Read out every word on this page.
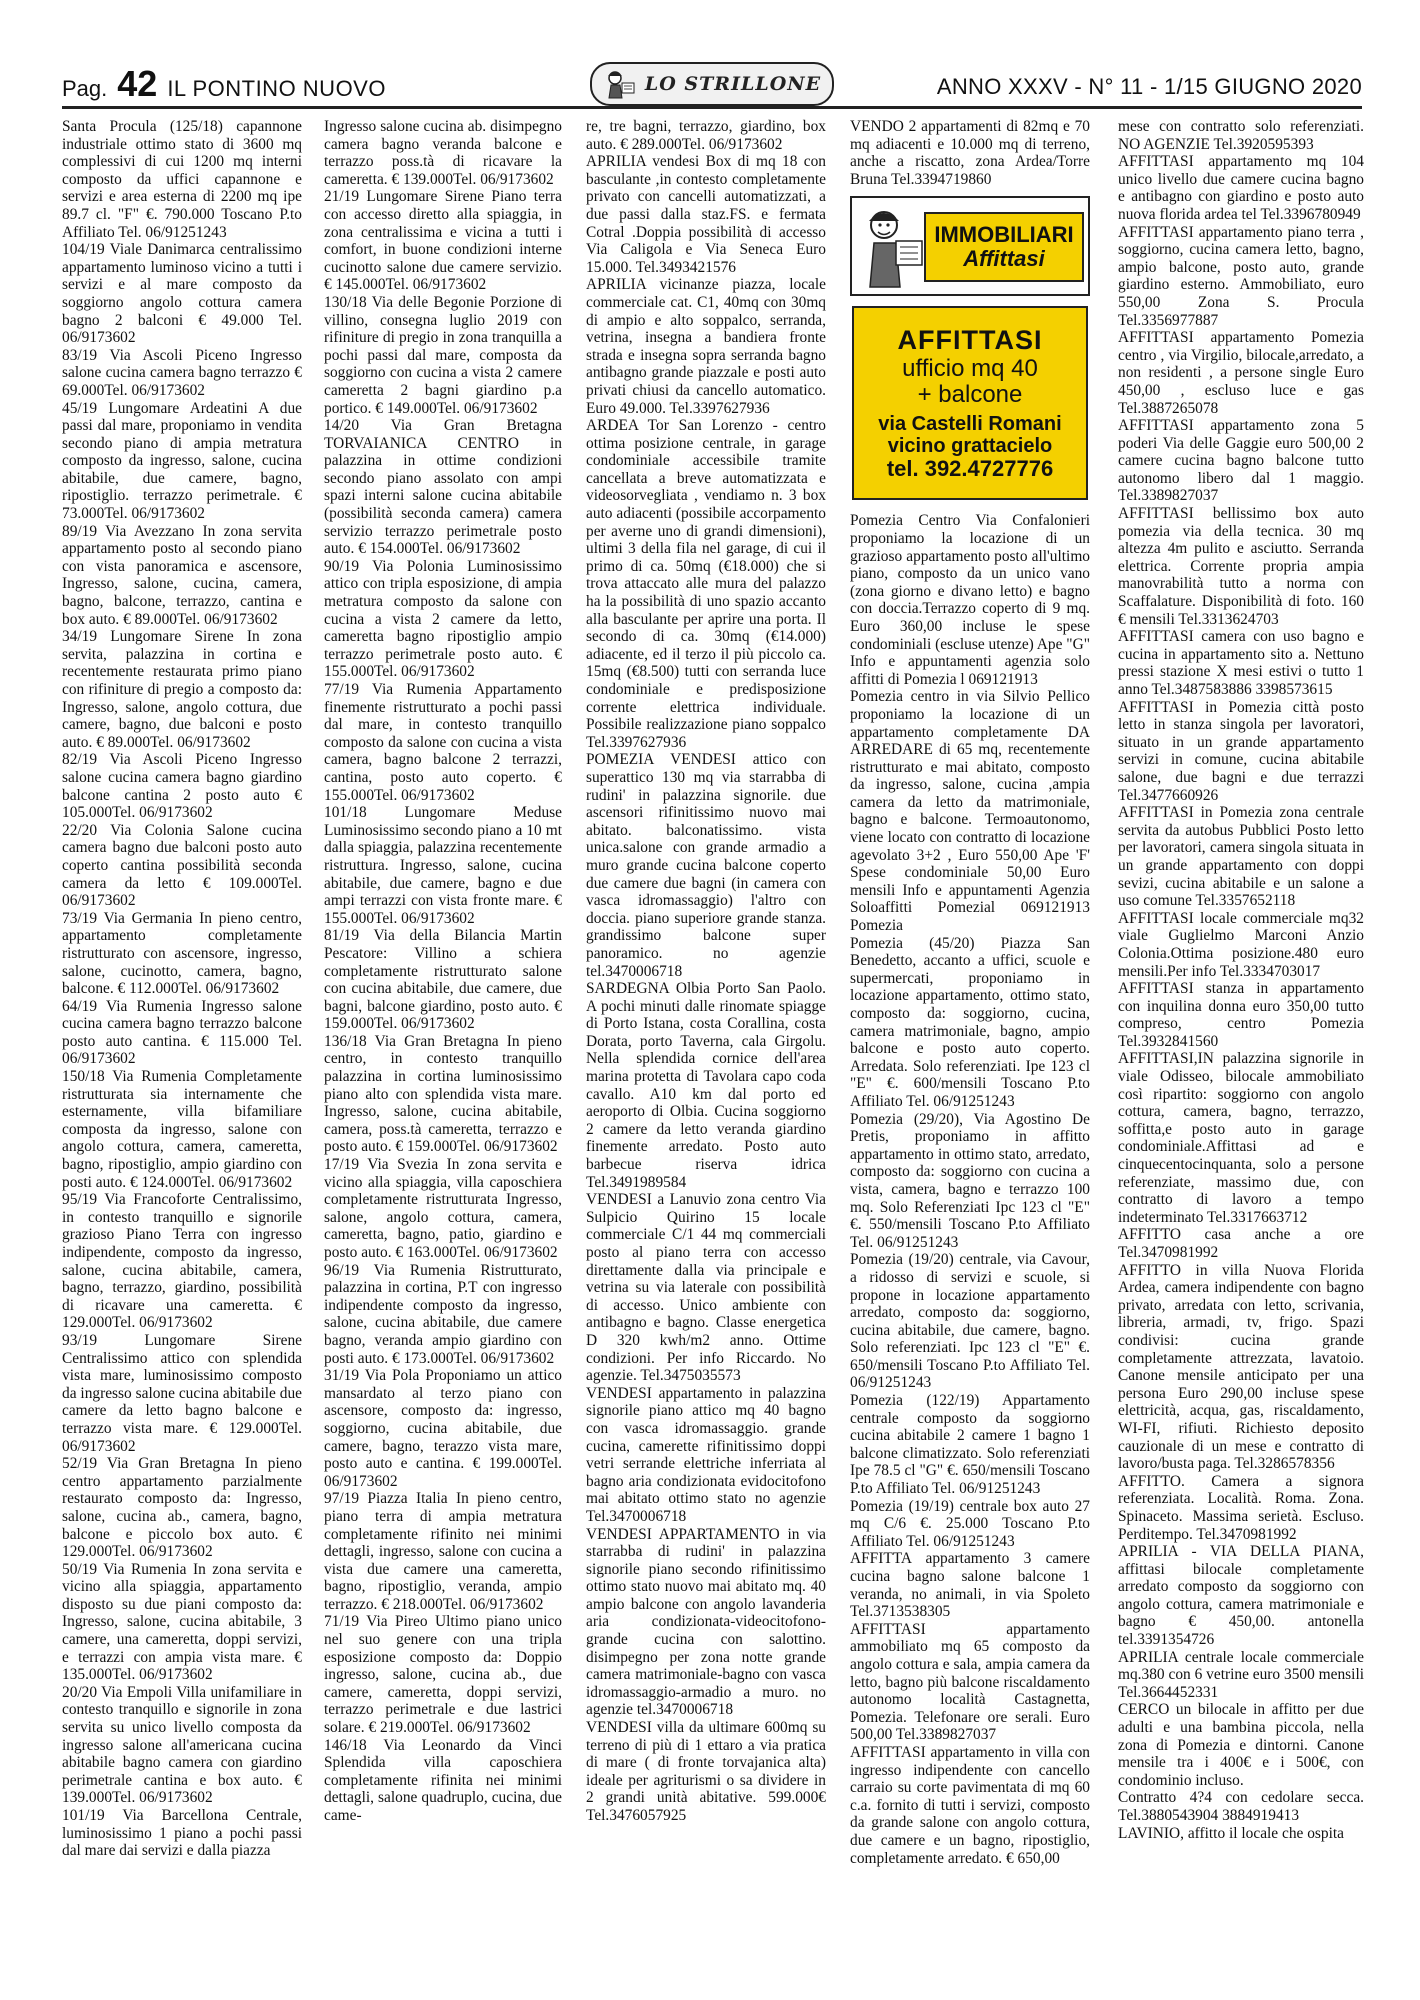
Pag. 42 IL PONTINO NUOVO	ANNO XXXV - N° 11 - 1/15 GIUGNO 2020
LO STRILLONE

Santa Procula (125/18) capannone industriale ottimo stato di 3600 mq complessivi di cui 1200 mq interni composto da uffici capannone e servizi e area esterna di 2200 mq ipe 89.7 cl. "F" €. 790.000 Toscano P.to Affiliato Tel. 06/91251243

104/19 Viale Danimarca centralissimo appartamento luminoso vicino a tutti i servizi e al mare composto da soggiorno angolo cottura camera bagno 2 balconi € 49.000 Tel. 06/9173602

83/19 Via Ascoli Piceno Ingresso salone cucina camera bagno terrazzo € 69.000Tel. 06/9173602

45/19 Lungomare Ardeatini A due passi dal mare, proponiamo in vendita secondo piano di ampia metratura composto da ingresso, salone, cucina abitabile, due camere, bagno, ripostiglio. terrazzo perimetrale. € 73.000Tel. 06/9173602

89/19 Via Avezzano In zona servita appartamento posto al secondo piano con vista panoramica e ascensore, Ingresso, salone, cucina, camera, bagno, balcone, terrazzo, cantina e box auto. € 89.000Tel. 06/9173602

34/19 Lungomare Sirene In zona servita, palazzina in cortina e recentemente restaurata primo piano con rifiniture di pregio a composto da: Ingresso, salone, angolo cottura, due camere, bagno, due balconi e posto auto. € 89.000Tel. 06/9173602

82/19 Via Ascoli Piceno Ingresso salone cucina camera bagno giardino balcone cantina 2 posto auto € 105.000Tel. 06/9173602

22/20 Via Colonia Salone cucina camera bagno due balconi posto auto coperto cantina possibilità seconda camera da letto € 109.000Tel. 06/9173602

73/19 Via Germania In pieno centro, appartamento completamente ristrutturato con ascensore, ingresso, salone, cucinotto, camera, bagno, balcone. € 112.000Tel. 06/9173602

64/19 Via Rumenia Ingresso salone cucina camera bagno terrazzo balcone posto auto cantina. € 115.000 Tel. 06/9173602

150/18 Via Rumenia Completamente ristrutturata sia internamente che esternamente, villa bifamiliare composta da ingresso, salone con angolo cottura, camera, cameretta, bagno, ripostiglio, ampio giardino con posti auto. € 124.000Tel. 06/9173602

95/19 Via Francoforte Centralissimo, in contesto tranquillo e signorile grazioso Piano Terra con ingresso indipendente, composto da ingresso, salone, cucina abitabile, camera, bagno, terrazzo, giardino, possibilità di ricavare una cameretta. € 129.000Tel. 06/9173602

93/19 Lungomare Sirene Centralissimo attico con splendida vista mare, luminosissimo composto da ingresso salone cucina abitabile due camere da letto bagno balcone e terrazzo vista mare. € 129.000Tel. 06/9173602

52/19 Via Gran Bretagna In pieno centro appartamento parzialmente restaurato composto da: Ingresso, salone, cucina ab., camera, bagno, balcone e piccolo box auto. € 129.000Tel. 06/9173602

50/19 Via Rumenia In zona servita e vicino alla spiaggia, appartamento disposto su due piani composto da: Ingresso, salone, cucina abitabile, 3 camere, una cameretta, doppi servizi, e terrazzi con ampia vista mare. € 135.000Tel. 06/9173602

20/20 Via Empoli Villa unifamiliare in contesto tranquillo e signorile in zona servita su unico livello composta da ingresso salone all'americana cucina abitabile bagno camera con giardino perimetrale cantina e box auto. € 139.000Tel. 06/9173602

101/19 Via Barcellona Centrale, luminosissimo 1 piano a pochi passi dal mare dai servizi e dalla piazza

Ingresso salone cucina ab. disimpegno camera bagno veranda balcone e terrazzo poss.tà di ricavare la cameretta. € 139.000Tel. 06/9173602

21/19 Lungomare Sirene Piano terra con accesso diretto alla spiaggia, in zona centralissima e vicina a tutti i comfort, in buone condizioni interne cucinotto salone due camere servizio. € 145.000Tel. 06/9173602

130/18 Via delle Begonie Porzione di villino, consegna luglio 2019 con rifiniture di pregio in zona tranquilla a pochi passi dal mare, composta da soggiorno con cucina a vista 2 camere cameretta 2 bagni giardino p.a portico. € 149.000Tel. 06/9173602

14/20 Via Gran Bretagna TORVAIANICA CENTRO in palazzina in ottime condizioni secondo piano assolato con ampi spazi interni salone cucina abitabile (possibilità seconda camera) camera servizio terrazzo perimetrale posto auto. € 154.000Tel. 06/9173602

90/19 Via Polonia Luminosissimo attico con tripla esposizione, di ampia metratura composto da salone con cucina a vista 2 camere da letto, cameretta bagno ripostiglio ampio terrazzo perimetrale posto auto. € 155.000Tel. 06/9173602

77/19 Via Rumenia Appartamento finemente ristrutturato a pochi passi dal mare, in contesto tranquillo composto da salone con cucina a vista camera, bagno balcone 2 terrazzi, cantina, posto auto coperto. € 155.000Tel. 06/9173602

101/18 Lungomare Meduse Luminosissimo secondo piano a 10 mt dalla spiaggia, palazzina recentemente ristruttura. Ingresso, salone, cucina abitabile, due camere, bagno e due ampi terrazzi con vista fronte mare. € 155.000Tel. 06/9173602

81/19 Via della Bilancia Martin Pescatore: Villino a schiera completamente ristrutturato salone con cucina abitabile, due camere, due bagni, balcone giardino, posto auto. € 159.000Tel. 06/9173602

136/18 Via Gran Bretagna In pieno centro, in contesto tranquillo palazzina in cortina luminosissimo piano alto con splendida vista mare. Ingresso, salone, cucina abitabile, camera, poss.tà cameretta, terrazzo e posto auto. € 159.000Tel. 06/9173602

17/19 Via Svezia In zona servita e vicino alla spiaggia, villa caposchiera completamente ristrutturata Ingresso, salone, angolo cottura, camera, cameretta, bagno, patio, giardino e posto auto. € 163.000Tel. 06/9173602

96/19 Via Rumenia Ristrutturato, palazzina in cortina, P.T con ingresso indipendente composto da ingresso, salone, cucina abitabile, due camere bagno, veranda ampio giardino con posti auto. € 173.000Tel. 06/9173602

31/19 Via Pola Proponiamo un attico mansardato al terzo piano con ascensore, composto da: ingresso, soggiorno, cucina abitabile, due camere, bagno, terazzo vista mare, posto auto e cantina. € 199.000Tel. 06/9173602

97/19 Piazza Italia In pieno centro, piano terra di ampia metratura completamente rifinito nei minimi dettagli, ingresso, salone con cucina a vista due camere una cameretta, bagno, ripostiglio, veranda, ampio terrazzo. € 218.000Tel. 06/9173602

71/19 Via Pireo Ultimo piano unico nel suo genere con una tripla esposizione composto da: Doppio ingresso, salone, cucina ab., due camere, cameretta, doppi servizi, terrazzo perimetrale e due lastrici solare. € 219.000Tel. 06/9173602

146/18 Via Leonardo da Vinci Splendida villa caposchiera completamente rifinita nei minimi dettagli, salone quadruplo, cucina, due came-

re, tre bagni, terrazzo, giardino, box auto. € 289.000Tel. 06/9173602

APRILIA vendesi Box di mq 18 con basculante ,in contesto completamente privato con cancelli automatizzati, a due passi dalla staz.FS. e fermata Cotral .Doppia possibilità di accesso Via Caligola e Via Seneca Euro 15.000. Tel.3493421576

APRILIA vicinanze piazza, locale commerciale cat. C1, 40mq con 30mq di ampio e alto soppalco, serranda, vetrina, insegna a bandiera fronte strada e insegna sopra serranda bagno antibagno grande piazzale e posti auto privati chiusi da cancello automatico. Euro 49.000. Tel.3397627936

ARDEA Tor San Lorenzo - centro ottima posizione centrale, in garage condominiale accessibile tramite cancellata a breve automatizzata e videosorvegliata , vendiamo n. 3 box auto adiacenti (possibile accorpamento per averne uno di grandi dimensioni), ultimi 3 della fila nel garage, di cui il primo di ca. 50mq (€18.000) che si trova attaccato alle mura del palazzo ha la possibilità di uno spazio accanto alla basculante per aprire una porta. Il secondo di ca. 30mq (€14.000) adiacente, ed il terzo il più piccolo ca. 15mq (€8.500) tutti con serranda luce condominiale e predisposizione corrente elettrica individuale. Possibile realizzazione piano soppalco Tel.3397627936

POMEZIA VENDESI attico con superattico 130 mq via starrabba di rudini' in palazzina signorile. due ascensori rifinitissimo nuovo mai abitato. balconatissimo. vista unica.salone con grande armadio a muro grande cucina balcone coperto due camere due bagni (in camera con vasca idromassaggio) l'altro con doccia. piano superiore grande stanza. grandissimo balcone super panoramico. no agenzie tel.3470006718

SARDEGNA Olbia Porto San Paolo. A pochi minuti dalle rinomate spiagge di Porto Istana, costa Corallina, costa Dorata, porto Taverna, cala Girgolu. Nella splendida cornice dell'area marina protetta di Tavolara capo coda cavallo. A10 km dal porto ed aeroporto di Olbia. Cucina soggiorno 2 camere da letto veranda giardino finemente arredato. Posto auto barbecue riserva idrica Tel.3491989584

VENDESI a Lanuvio zona centro Via Sulpicio Quirino 15 locale commerciale C/1 44 mq commerciali posto al piano terra con accesso direttamente dalla via principale e vetrina su via laterale con possibilità di accesso. Unico ambiente con antibagno e bagno. Classe energetica D 320 kwh/m2 anno. Ottime condizioni. Per info Riccardo. No agenzie. Tel.3475035573

VENDESI appartamento in palazzina signorile piano attico mq 40 bagno con vasca idromassaggio. grande cucina, camerette rifinitissimo doppi vetri serrande elettriche inferriata al bagno aria condizionata evidocitofono mai abitato ottimo stato no agenzie Tel.3470006718

VENDESI APPARTAMENTO in via starrabba di rudini' in palazzina signorile piano secondo rifinitissimo ottimo stato nuovo mai abitato mq. 40 ampio balcone con angolo lavanderia aria condizionata-videocitofono- grande cucina con salottino. disimpegno per zona notte grande camera matrimoniale-bagno con vasca idromassaggio-armadio a muro. no agenzie tel.3470006718

VENDESI villa da ultimare 600mq su terreno di più di 1 ettaro a via pratica di mare ( di fronte torvajanica alta) ideale per agriturismi o sa dividere in 2 grandi unità abitative. 599.000€ Tel.3476057925

VENDO 2 appartamenti di 82mq e 70 mq adiacenti e 10.000 mq di terreno, anche a riscatto, zona Ardea/Torre Bruna Tel.3394719860

IMMOBILIARI
Affittasi
AFFITTASI
ufficio mq 40
+ balcone
via Castelli Romani
vicino grattacielo
tel. 392.4727776

Pomezia Centro Via Confalonieri proponiamo la locazione di un grazioso appartamento posto all'ultimo piano, composto da un unico vano (zona giorno e divano letto) e bagno con doccia.Terrazzo coperto di 9 mq. Euro 360,00 incluse le spese condominiali (escluse utenze) Ape "G" Info e appuntamenti agenzia solo affitti di Pomezia l 069121913

Pomezia centro in via Silvio Pellico proponiamo la locazione di un appartamento completamente DA ARREDARE di 65 mq, recentemente ristrutturato e mai abitato, composto da ingresso, salone, cucina ,ampia camera da letto da matrimoniale, bagno e balcone. Termoautonomo, viene locato con contratto di locazione agevolato 3+2 , Euro 550,00 Ape 'F' Spese condominiale 50,00 Euro mensili Info e appuntamenti Agenzia Soloaffitti Pomezial 069121913 Pomezia

Pomezia (45/20) Piazza San Benedetto, accanto a uffici, scuole e supermercati, proponiamo in locazione appartamento, ottimo stato, composto da: soggiorno, cucina, camera matrimoniale, bagno, ampio balcone e posto auto coperto. Arredata. Solo referenziati. Ipe 123 cl "E" €. 600/mensili Toscano P.to Affiliato Tel. 06/91251243

Pomezia (29/20), Via Agostino De Pretis, proponiamo in affitto appartamento in ottimo stato, arredato, composto da: soggiorno con cucina a vista, camera, bagno e terrazzo 100 mq. Solo Referenziati Ipc 123 cl "E" €. 550/mensili Toscano P.to Affiliato Tel. 06/91251243

Pomezia (19/20) centrale, via Cavour, a ridosso di servizi e scuole, si propone in locazione appartamento arredato, composto da: soggiorno, cucina abitabile, due camere, bagno. Solo referenziati. Ipc 123 cl "E" €. 650/mensili Toscano P.to Affiliato Tel. 06/91251243

Pomezia (122/19) Appartamento centrale composto da soggiorno cucina abitabile 2 camere 1 bagno 1 balcone climatizzato. Solo referenziati Ipe 78.5 cl "G" €. 650/mensili Toscano P.to Affiliato Tel. 06/91251243

Pomezia (19/19) centrale box auto 27 mq C/6 €. 25.000 Toscano P.to Affiliato Tel. 06/91251243

AFFITTA appartamento 3 camere cucina bagno salone balcone 1 veranda, no animali, in via Spoleto Tel.3713538305

AFFITTASI appartamento ammobiliato mq 65 composto da angolo cottura e sala, ampia camera da letto, bagno più balcone riscaldamento autonomo località Castagnetta, Pomezia. Telefonare ore serali. Euro 500,00 Tel.3389827037

AFFITTASI appartamento in villa con ingresso indipendente con cancello carraio su corte pavimentata di mq 60 c.a. fornito di tutti i servizi, composto da grande salone con angolo cottura, due camere e un bagno, ripostiglio, completamente arredato. € 650,00

mese con contratto solo referenziati. NO AGENZIE Tel.3920595393

AFFITTASI appartamento mq 104 unico livello due camere cucina bagno e antibagno con giardino e posto auto nuova florida ardea tel Tel.3396780949

AFFITTASI appartamento piano terra , soggiorno, cucina camera letto, bagno, ampio balcone, posto auto, grande giardino esterno. Ammobiliato, euro 550,00 Zona S. Procula Tel.3356977887

AFFITTASI appartamento Pomezia centro , via Virgilio, bilocale,arredato, a non residenti , a persone single Euro 450,00 , escluso luce e gas Tel.3887265078

AFFITTASI appartamento zona 5 poderi Via delle Gaggie euro 500,00 2 camere cucina bagno balcone tutto autonomo libero dal 1 maggio. Tel.3389827037

AFFITTASI bellissimo box auto pomezia via della tecnica. 30 mq altezza 4m pulito e asciutto. Serranda elettrica. Corrente propria ampia manovrabilità tutto a norma con Scaffalature. Disponibilità di foto. 160 € mensili Tel.3313624703

AFFITTASI camera con uso bagno e cucina in appartamento sito a. Nettuno pressi stazione X mesi estivi o tutto 1 anno Tel.3487583886 3398573615

AFFITTASI in Pomezia città posto letto in stanza singola per lavoratori, situato in un grande appartamento servizi in comune, cucina abitabile salone, due bagni e due terrazzi Tel.3477660926

AFFITTASI in Pomezia zona centrale servita da autobus Pubblici Posto letto per lavoratori, camera singola situata in un grande appartamento con doppi sevizi, cucina abitabile e un salone a uso comune Tel.3357652118

AFFITTASI locale commerciale mq32 viale Guglielmo Marconi Anzio Colonia.Ottima posizione.480 euro mensili.Per info Tel.3334703017

AFFITTASI stanza in appartamento con inquilina donna euro 350,00 tutto compreso, centro Pomezia Tel.3932841560

AFFITTASI,IN palazzina signorile in viale Odisseo, bilocale ammobiliato così ripartito: soggiorno con angolo cottura, camera, bagno, terrazzo, soffitta,e posto auto in garage condominiale.Affittasi ad e cinquecentocinquanta, solo a persone referenziate, massimo due, con contratto di lavoro a tempo indeterminato Tel.3317663712

AFFITTO casa anche a ore Tel.3470981992

AFFITTO in villa Nuova Florida Ardea, camera indipendente con bagno privato, arredata con letto, scrivania, libreria, armadi, tv, frigo. Spazi condivisi: cucina grande completamente attrezzata, lavatoio. Canone mensile anticipato per una persona Euro 290,00 incluse spese elettricità, acqua, gas, riscaldamento, WI-FI, rifiuti. Richiesto deposito cauzionale di un mese e contratto di lavoro/busta paga. Tel.3286578356

AFFITTO. Camera a signora referenziata. Località. Roma. Zona. Spinaceto. Massima serietà. Escluso. Perditempo. Tel.3470981992

APRILIA - VIA DELLA PIANA, affittasi bilocale completamente arredato composto da soggiorno con angolo cottura, camera matrimoniale e bagno € 450,00. antonella tel.3391354726

APRILIA centrale locale commerciale mq.380 con 6 vetrine euro 3500 mensili Tel.3664452331

CERCO un bilocale in affitto per due adulti e una bambina piccola, nella zona di Pomezia e dintorni. Canone mensile tra i 400€ e i 500€, con condominio incluso.

Contratto 4?4 con cedolare secca. Tel.3880543904 3884919413

LAVINIO, affitto il locale che ospita
